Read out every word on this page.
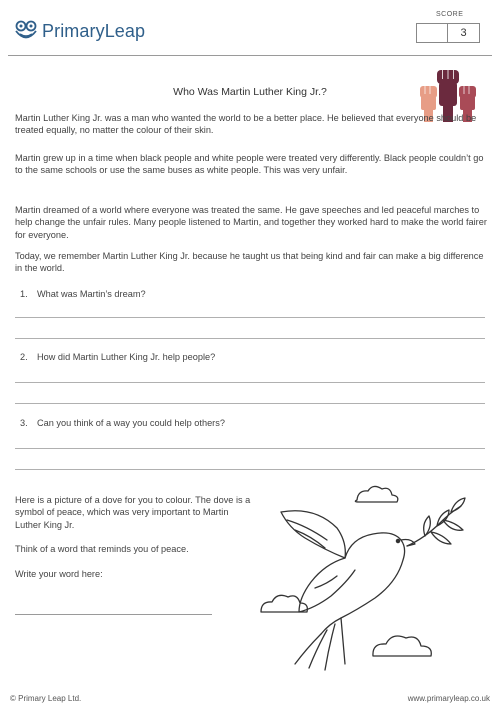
PrimaryLeap
SCORE
3
Who Was Martin Luther King Jr.?

Martin Luther King Jr. was a man who wanted the world to be a better place. He believed that everyone should be treated equally, no matter the colour of their skin.

Martin grew up in a time when black people and white people were treated very differently. Black people couldn’t go to the same schools or use the same buses as white people. This was very unfair.

Martin dreamed of a world where everyone was treated the same. He gave speeches and led peaceful marches to help change the unfair rules. Many people listened to Martin, and together they worked hard to make the world fairer for everyone.

Today, we remember Martin Luther King Jr. because he taught us that being kind and fair can make a big difference in the world.

1. What was Martin’s dream?
2. How did Martin Luther King Jr. help people?
3. Can you think of a way you could help others?
Here is a picture of a dove for you to colour. The dove is a symbol of peace, which was very important to Martin Luther King Jr.
Think of a word that reminds you of peace.
Write your word here:
© Primary Leap Ltd.	www.primaryleap.co.uk
